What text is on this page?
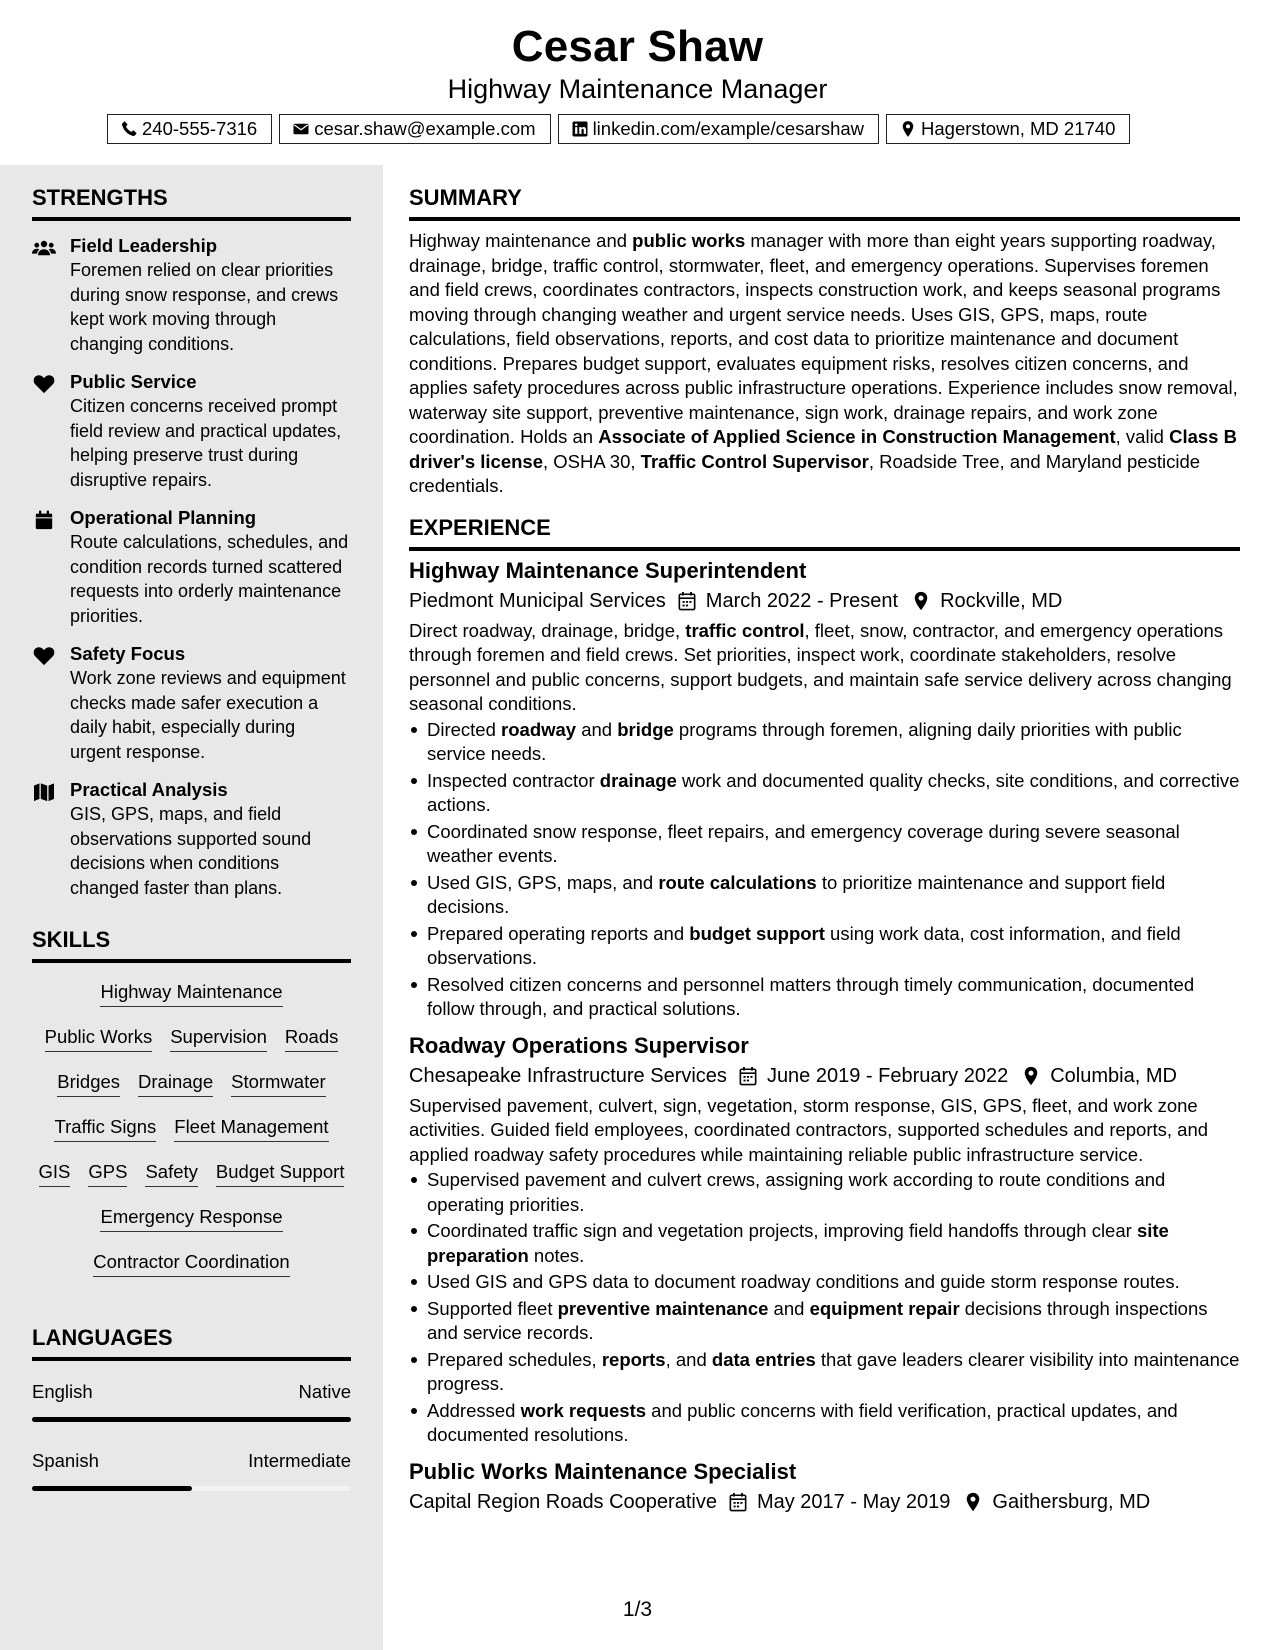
Cesar Shaw
Highway Maintenance Manager
240-555-7316	cesar.shaw@example.com	linkedin.com/example/cesarshaw	Hagerstown, MD 21740
STRENGTHS
Field Leadership
Foremen relied on clear priorities during snow response, and crews kept work moving through changing conditions.
Public Service
Citizen concerns received prompt field review and practical updates, helping preserve trust during disruptive repairs.
Operational Planning
Route calculations, schedules, and condition records turned scattered requests into orderly maintenance priorities.
Safety Focus
Work zone reviews and equipment checks made safer execution a daily habit, especially during urgent response.
Practical Analysis
GIS, GPS, maps, and field observations supported sound decisions when conditions changed faster than plans.
SKILLS
Highway Maintenance
Public Works Supervision Roads
Bridges Drainage Stormwater
Traffic Signs Fleet Management
GIS GPS Safety Budget Support
Emergency Response
Contractor Coordination
LANGUAGES
English	Native
Spanish	Intermediate
SUMMARY
Highway maintenance and public works manager with more than eight years supporting roadway, drainage, bridge, traffic control, stormwater, fleet, and emergency operations. Supervises foremen and field crews, coordinates contractors, inspects construction work, and keeps seasonal programs moving through changing weather and urgent service needs. Uses GIS, GPS, maps, route calculations, field observations, reports, and cost data to prioritize maintenance and document conditions. Prepares budget support, evaluates equipment risks, resolves citizen concerns, and applies safety procedures across public infrastructure operations. Experience includes snow removal, waterway site support, preventive maintenance, sign work, drainage repairs, and work zone coordination. Holds an Associate of Applied Science in Construction Management, valid Class B driver's license, OSHA 30, Traffic Control Supervisor, Roadside Tree, and Maryland pesticide credentials.
EXPERIENCE
Highway Maintenance Superintendent
Piedmont Municipal Services March 2022 - Present Rockville, MD
Direct roadway, drainage, bridge, traffic control, fleet, snow, contractor, and emergency operations through foremen and field crews. Set priorities, inspect work, coordinate stakeholders, resolve personnel and public concerns, support budgets, and maintain safe service delivery across changing seasonal conditions.
Directed roadway and bridge programs through foremen, aligning daily priorities with public service needs.
Inspected contractor drainage work and documented quality checks, site conditions, and corrective actions.
Coordinated snow response, fleet repairs, and emergency coverage during severe seasonal weather events.
Used GIS, GPS, maps, and route calculations to prioritize maintenance and support field decisions.
Prepared operating reports and budget support using work data, cost information, and field observations.
Resolved citizen concerns and personnel matters through timely communication, documented follow through, and practical solutions.
Roadway Operations Supervisor
Chesapeake Infrastructure Services June 2019 - February 2022 Columbia, MD
Supervised pavement, culvert, sign, vegetation, storm response, GIS, GPS, fleet, and work zone activities. Guided field employees, coordinated contractors, supported schedules and reports, and applied roadway safety procedures while maintaining reliable public infrastructure service.
Supervised pavement and culvert crews, assigning work according to route conditions and operating priorities.
Coordinated traffic sign and vegetation projects, improving field handoffs through clear site preparation notes.
Used GIS and GPS data to document roadway conditions and guide storm response routes.
Supported fleet preventive maintenance and equipment repair decisions through inspections and service records.
Prepared schedules, reports, and data entries that gave leaders clearer visibility into maintenance progress.
Addressed work requests and public concerns with field verification, practical updates, and documented resolutions.
Public Works Maintenance Specialist
Capital Region Roads Cooperative May 2017 - May 2019 Gaithersburg, MD
1/3
